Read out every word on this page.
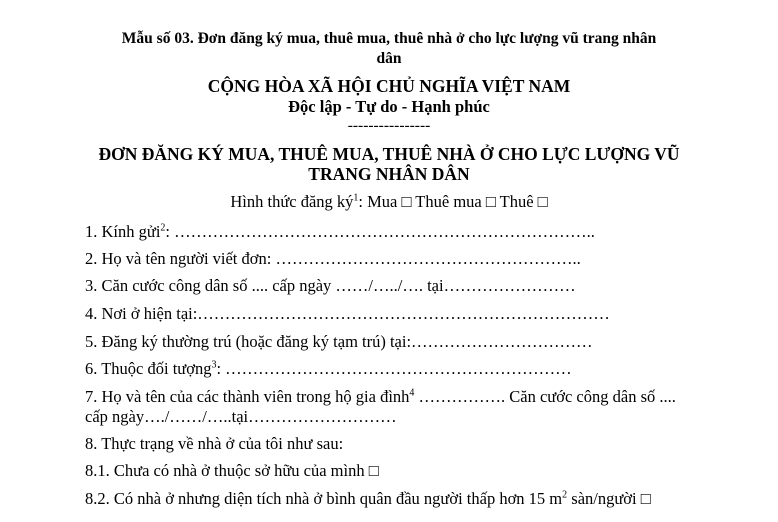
Mẫu số 03. Đơn đăng ký mua, thuê mua, thuê nhà ở cho lực lượng vũ trang nhân
dân
CỘNG HÒA XÃ HỘI CHỦ NGHĨA VIỆT NAM
Độc lập - Tự do - Hạnh phúc
----------------
ĐƠN ĐĂNG KÝ MUA, THUÊ MUA, THUÊ NHÀ Ở CHO LỰC LƯỢNG VŨ
TRANG NHÂN DÂN
Hình thức đăng $ký^1$: Mua □ Thuê mua □ Thuê □
1. Kính gửi$^2$: …………………………………………………………………..
2. Họ và tên người viết đơn: ………………………………………………..
3. Căn cước công dân số .... cấp ngày ……/…../…. tại……………………
4. Nơi ở hiện tại:…………………………………………………………………
5. Đăng ký thường trú (hoặc đăng ký tạm trú) tại:……………………………
6. Thuộc đối tượng$^3$: ………………………………………………………
7. Họ và tên của các thành viên trong hộ gia đình$^4$ ……………. Căn cước công dân số ....
cấp ngày…./……/…..tại………………………
8. Thực trạng về nhà ở của tôi như sau:
8.1. Chưa có nhà ở thuộc sở hữu của mình □
8.2. Có nhà ở nhưng diện tích nhà ở bình quân đầu người thấp hơn 15 $m^2$ sàn/người □
